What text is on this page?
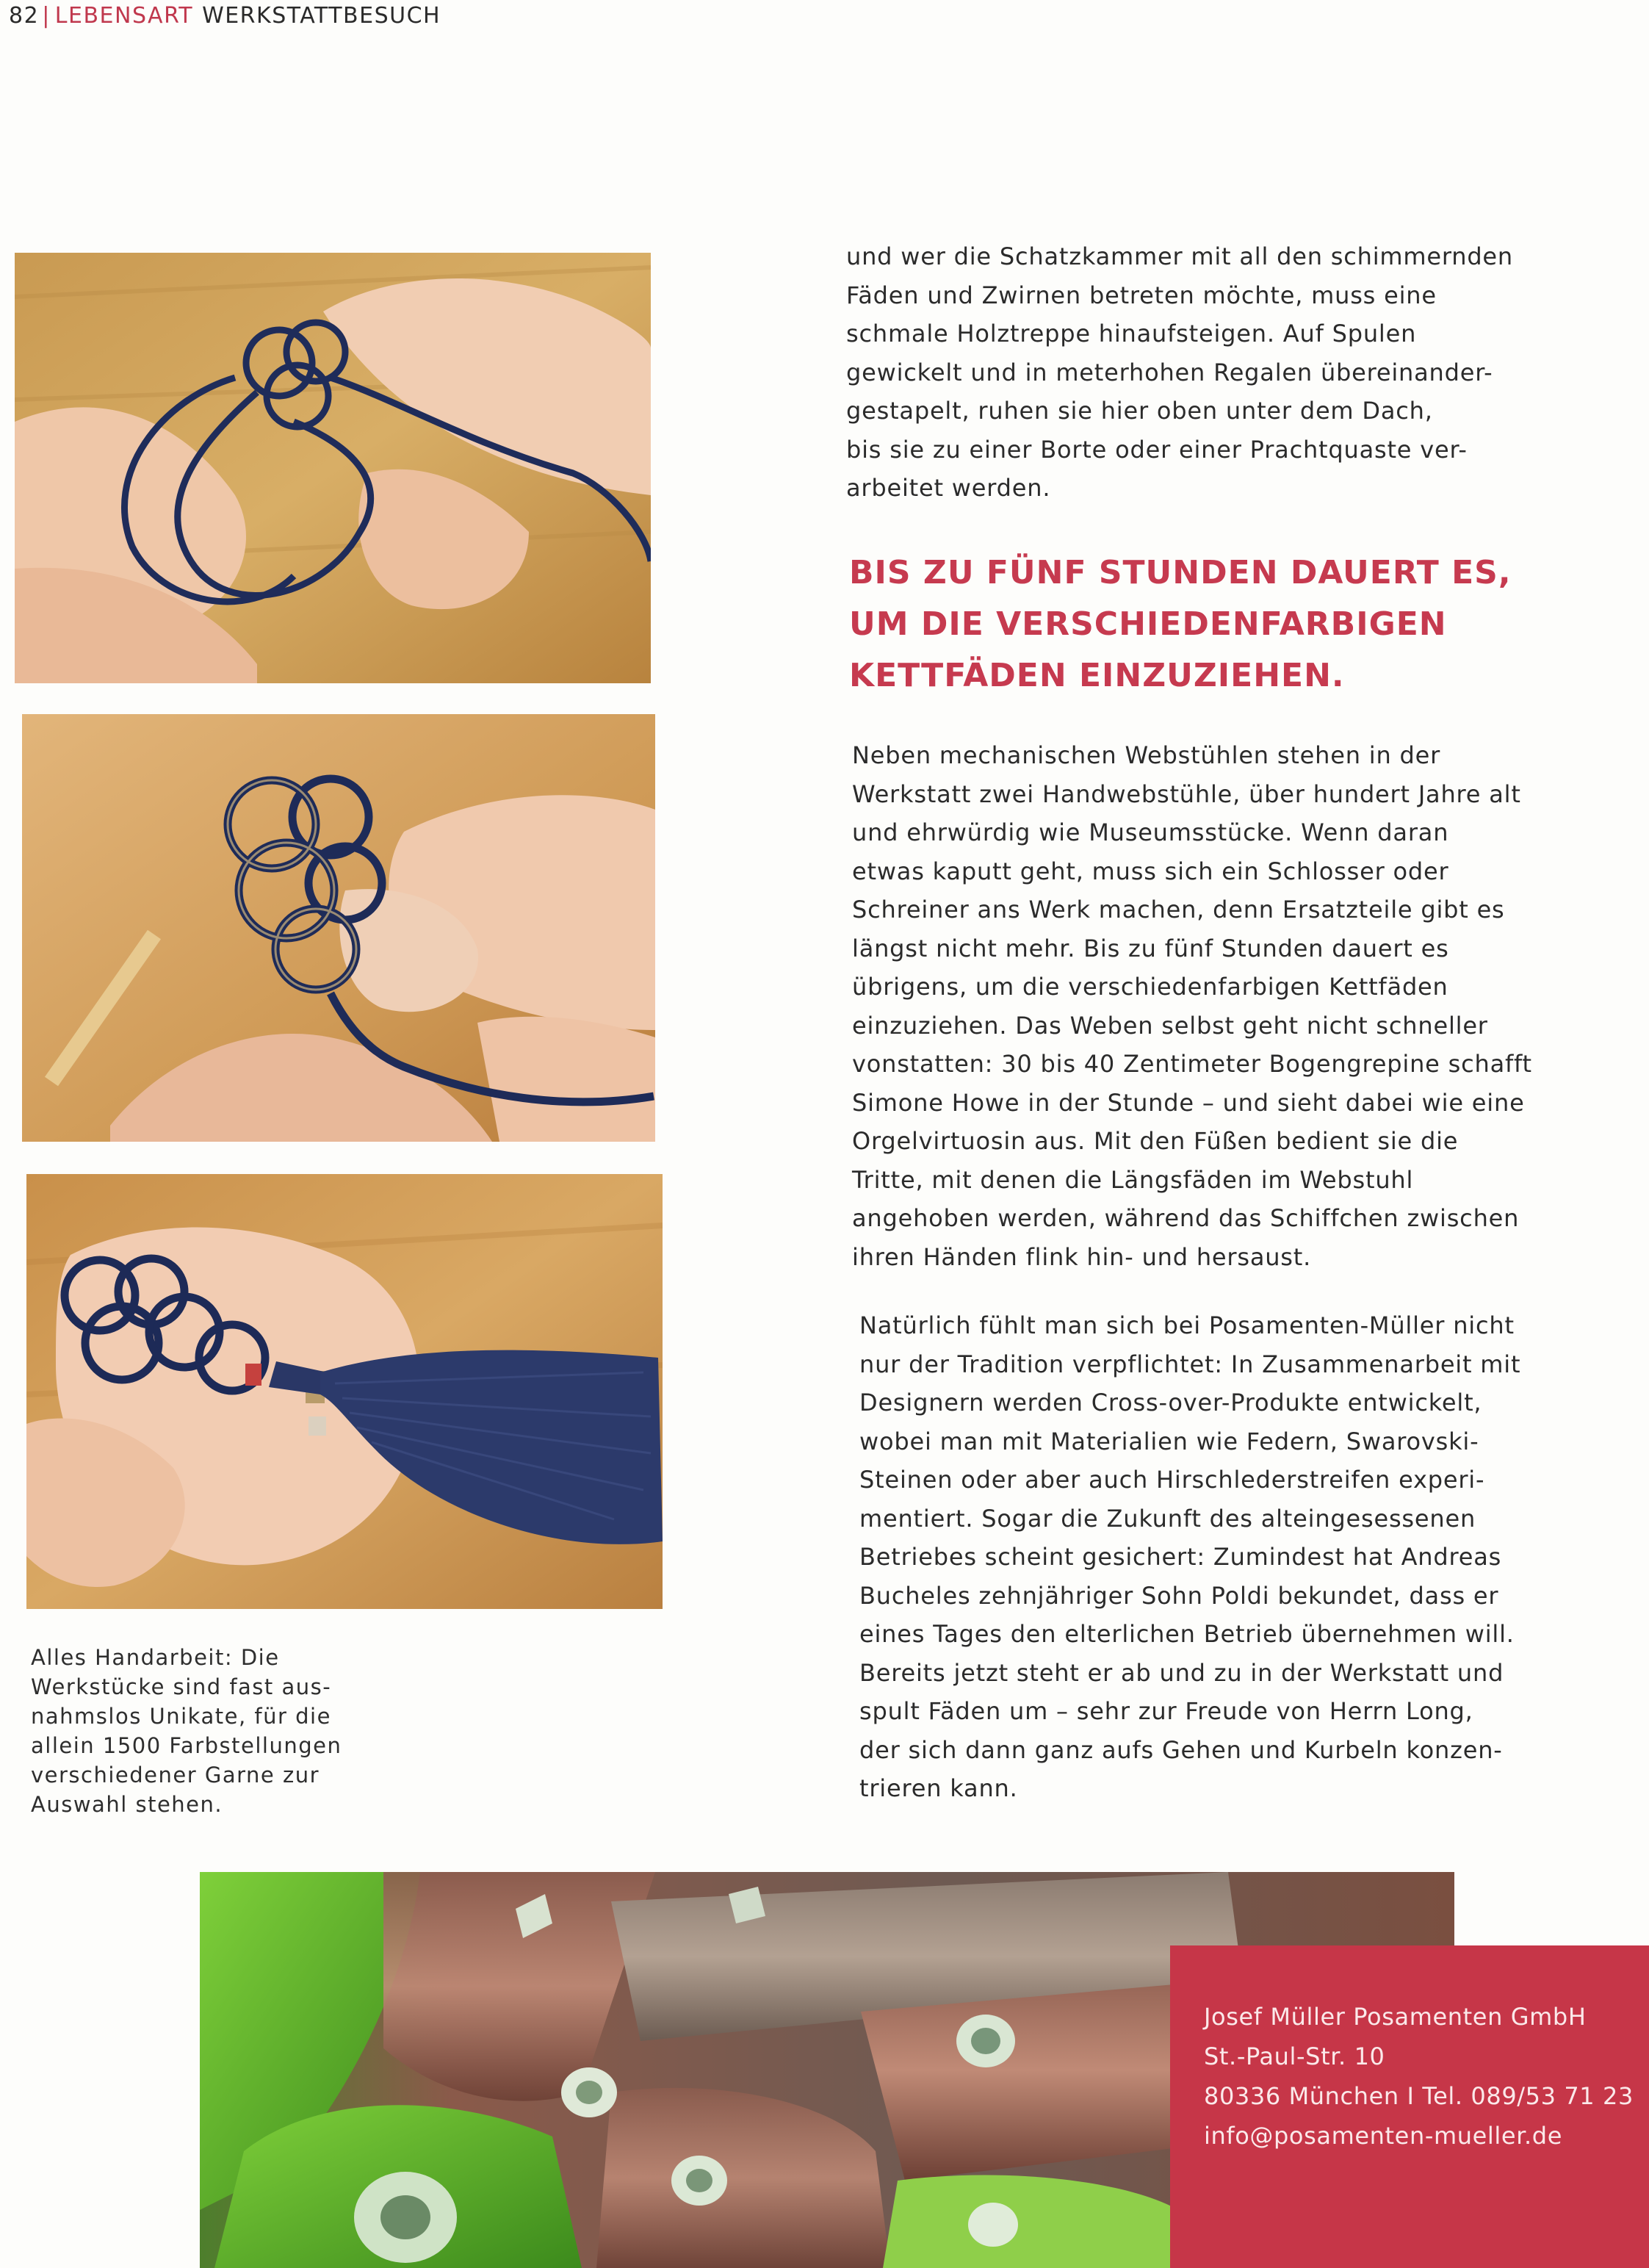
82 | LEBENSART WERKSTATTBESUCH
Alles Handarbeit: Die
Werkstücke sind fast aus-
nahmslos Unikate, für die
allein 1500 Farbstellungen
verschiedener Garne zur
Auswahl stehen.
und wer die Schatzkammer mit all den schimmernden
Fäden und Zwirnen betreten möchte, muss eine
schmale Holztreppe hinaufsteigen. Auf Spulen
gewickelt und in meterhohen Regalen übereinander-
gestapelt, ruhen sie hier oben unter dem Dach,
bis sie zu einer Borte oder einer Prachtquaste ver-
arbeitet werden.
BIS ZU FÜNF STUNDEN DAUERT ES,
UM DIE VERSCHIEDENFARBIGEN
KETTFÄDEN EINZUZIEHEN.
Neben mechanischen Webstühlen stehen in der
Werkstatt zwei Handwebstühle, über hundert Jahre alt
und ehrwürdig wie Museumsstücke. Wenn daran
etwas kaputt geht, muss sich ein Schlosser oder
Schreiner ans Werk machen, denn Ersatzteile gibt es
längst nicht mehr. Bis zu fünf Stunden dauert es
übrigens, um die verschiedenfarbigen Kettfäden
einzuziehen. Das Weben selbst geht nicht schneller
vonstatten: 30 bis 40 Zentimeter Bogengrepine schafft
Simone Howe in der Stunde – und sieht dabei wie eine
Orgelvirtuosin aus. Mit den Füßen bedient sie die
Tritte, mit denen die Längsfäden im Webstuhl
angehoben werden, während das Schiffchen zwischen
ihren Händen flink hin- und hersaust.
Natürlich fühlt man sich bei Posamenten-Müller nicht
nur der Tradition verpflichtet: In Zusammenarbeit mit
Designern werden Cross-over-Produkte entwickelt,
wobei man mit Materialien wie Federn, Swarovski-
Steinen oder aber auch Hirschlederstreifen experi-
mentiert. Sogar die Zukunft des alteingesessenen
Betriebes scheint gesichert: Zumindest hat Andreas
Bucheles zehnjähriger Sohn Poldi bekundet, dass er
eines Tages den elterlichen Betrieb übernehmen will.
Bereits jetzt steht er ab und zu in der Werkstatt und
spult Fäden um – sehr zur Freude von Herrn Long,
der sich dann ganz aufs Gehen und Kurbeln konzen-
trieren kann.
Josef Müller Posamenten GmbH
St.-Paul-Str. 10
80336 München I Tel. 089/53 71 23
info@posamenten-mueller.de
